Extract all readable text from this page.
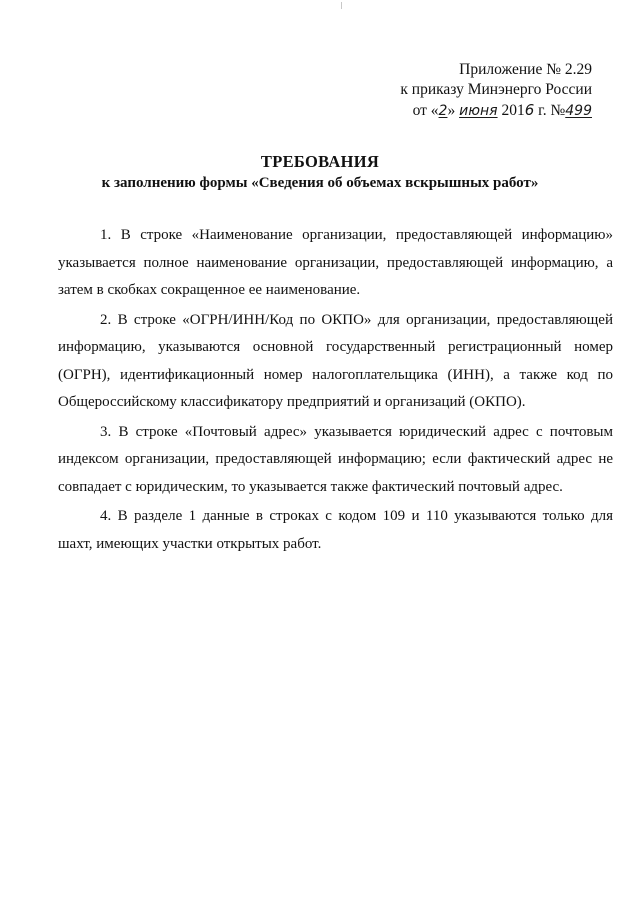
Приложение № 2.29
к приказу Минэнерго России
от «2» июня 2016 г. №499
ТРЕБОВАНИЯ
к заполнению формы «Сведения об объемах вскрышных работ»

1. В строке «Наименование организации, предоставляющей информацию» указывается полное наименование организации, предоставляющей информацию, а затем в скобках сокращенное ее наименование.

2. В строке «ОГРН/ИНН/Код по ОКПО» для организации, предоставляющей информацию, указываются основной государственный регистрационный номер (ОГРН), идентификационный номер налогоплательщика (ИНН), а также код по Общероссийскому классификатору предприятий и организаций (ОКПО).

3. В строке «Почтовый адрес» указывается юридический адрес с почтовым индексом организации, предоставляющей информацию; если фактический адрес не совпадает с юридическим, то указывается также фактический почтовый адрес.

4. В разделе 1 данные в строках с кодом 109 и 110 указываются только для шахт, имеющих участки открытых работ.
